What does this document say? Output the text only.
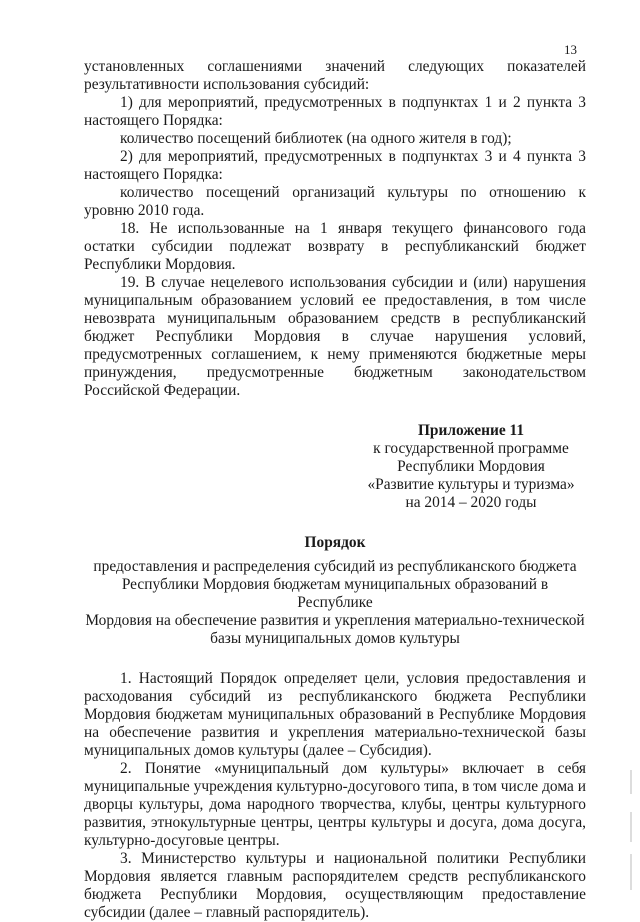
13

установленных соглашениями значений следующих показателей результативности использования субсидий:

1) для мероприятий, предусмотренных в подпунктах 1 и 2 пункта 3 настоящего Порядка:

количество посещений библиотек (на одного жителя в год);

2) для мероприятий, предусмотренных в подпунктах 3 и 4 пункта 3 настоящего Порядка:

количество посещений организаций культуры по отношению к уровню 2010 года.

18. Не использованные на 1 января текущего финансового года остатки субсидии подлежат возврату в республиканский бюджет Республики Мордовия.

19. В случае нецелевого использования субсидии и (или) нарушения муниципальным образованием условий ее предоставления, в том числе невозврата муниципальным образованием средств в республиканский бюджет Республики Мордовия в случае нарушения условий, предусмотренных соглашением, к нему применяются бюджетные меры принуждения, предусмотренные бюджетным законодательством Российской Федерации.

Приложение 11
к государственной программе
Республики Мордовия
«Развитие культуры и туризма»
на 2014 – 2020 годы
Порядок
предоставления и распределения субсидий из республиканского бюджета
Республики Мордовия бюджетам муниципальных образований в Республике
Мордовия на обеспечение развития и укрепления материально-технической
базы муниципальных домов культуры

1. Настоящий Порядок определяет цели, условия предоставления и расходования субсидий из республиканского бюджета Республики Мордовия бюджетам муниципальных образований в Республике Мордовия на обеспечение развития и укрепления материально-технической базы муниципальных домов культуры (далее – Субсидия).

2. Понятие «муниципальный дом культуры» включает в себя муниципальные учреждения культурно-досугового типа, в том числе дома и дворцы культуры, дома народного творчества, клубы, центры культурного развития, этнокультурные центры, центры культуры и досуга, дома досуга, культурно-досуговые центры.

3. Министерство культуры и национальной политики Республики Мордовия является главным распорядителем средств республиканского бюджета Республики Мордовия, осуществляющим предоставление субсидии (далее – главный распорядитель).
